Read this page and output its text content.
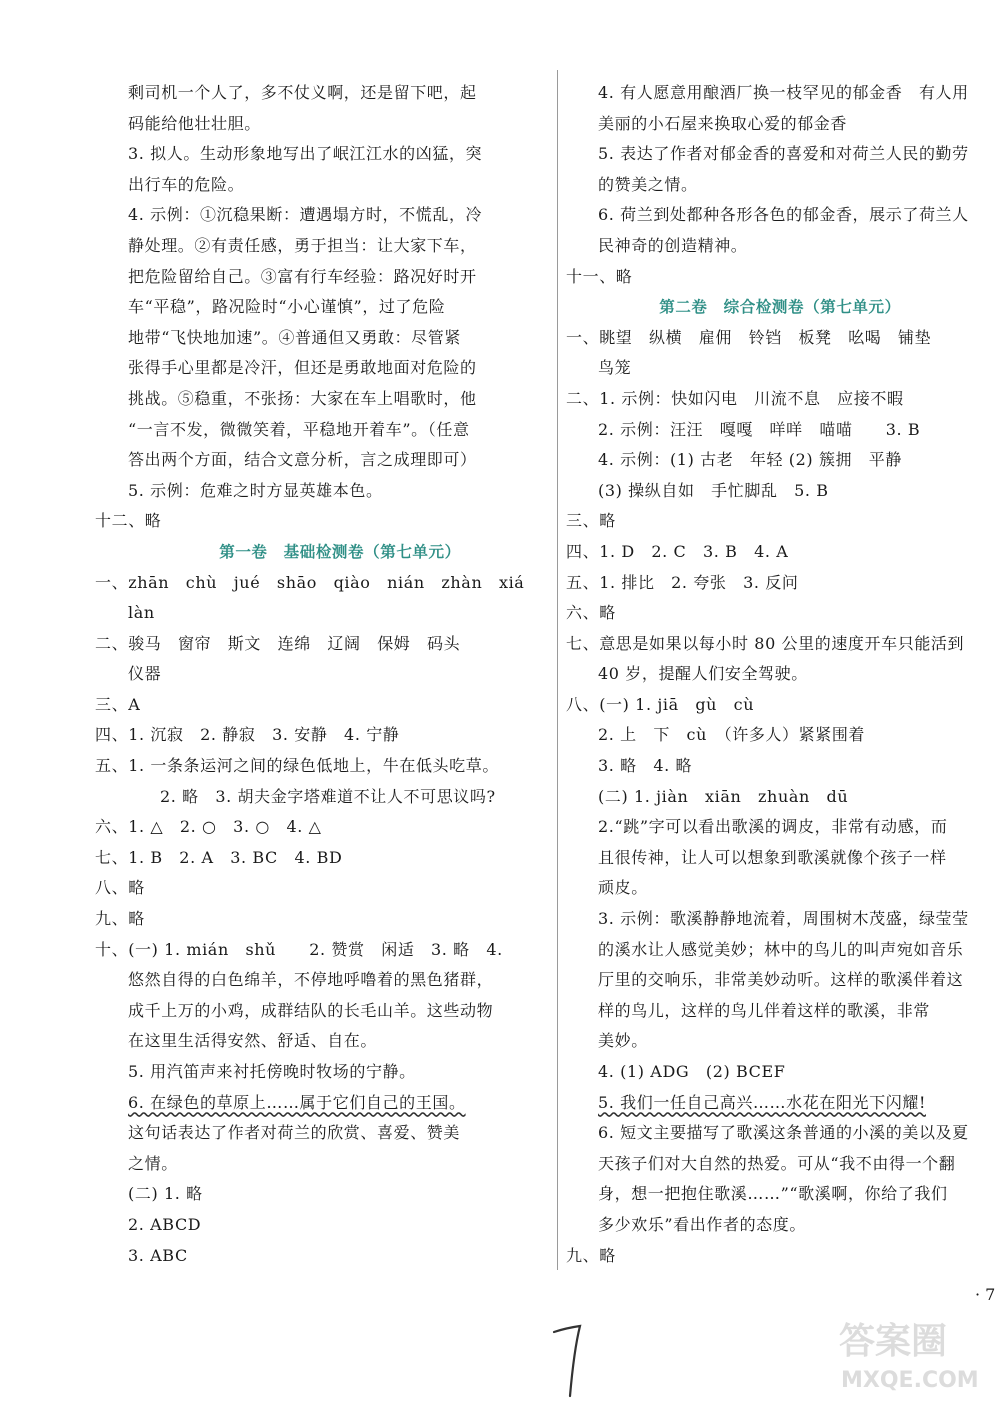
剩司机一个人了，多不仗义啊，还是留下吧，起
码能给他壮壮胆。
3. 拟人。生动形象地写出了岷江江水的凶猛，突
出行车的危险。
4. 示例：①沉稳果断：遭遇塌方时，不慌乱，冷
静处理。②有责任感，勇于担当：让大家下车，
把危险留给自己。③富有行车经验：路况好时开
车“平稳”，路况险时“小心谨慎”，过了危险
地带“飞快地加速”。④普通但又勇敢：尽管紧
张得手心里都是冷汗，但还是勇敢地面对危险的
挑战。⑤稳重，不张扬：大家在车上唱歌时，他
“一言不发，微微笑着，平稳地开着车”。（任意
答出两个方面，结合文意分析，言之成理即可）
5. 示例：危难之时方显英雄本色。
十二、略
第一卷　基础检测卷（第七单元）
一、zhān　chù　jué　shāo　qiào　nián　zhàn　xiá
làn
二、骏马　窗帘　斯文　连绵　辽阔　保姆　码头
仪器
三、A
四、1. 沉寂　2. 静寂　3. 安静　4. 宁静
五、1. 一条条运河之间的绿色低地上，牛在低头吃草。
2. 略　3. 胡夫金字塔难道不让人不可思议吗?
六、1. △　2. ○　3. ○　4. △
七、1. B　2. A　3. BC　4. BD
八、略
九、略
十、(一) 1. mián　shǔ　　2. 赞赏　闲适　3. 略　4.
悠然自得的白色绵羊，不停地呼噜着的黑色猪群，
成千上万的小鸡，成群结队的长毛山羊。这些动物
在这里生活得安然、舒适、自在。
5. 用汽笛声来衬托傍晚时牧场的宁静。
6. 在绿色的草原上……属于它们自己的王国。
这句话表达了作者对荷兰的欣赏、喜爱、赞美
之情。
(二) 1. 略
2. ABCD
3. ABC
4. 有人愿意用酿酒厂换一枝罕见的郁金香　有人用
美丽的小石屋来换取心爱的郁金香
5. 表达了作者对郁金香的喜爱和对荷兰人民的勤劳
的赞美之情。
6. 荷兰到处都种各形各色的郁金香，展示了荷兰人
民神奇的创造精神。
十一、略
第二卷　综合检测卷（第七单元）
一、眺望　纵横　雇佣　铃铛　板凳　吆喝　铺垫
鸟笼
二、1. 示例：快如闪电　川流不息　应接不暇
2. 示例：汪汪　嘎嘎　咩咩　喵喵　　3. B
4. 示例：(1) 古老　年轻 (2) 簇拥　平静
(3) 操纵自如　手忙脚乱　5. B
三、略
四、1. D　2. C　3. B　4. A
五、1. 排比　2. 夸张　3. 反问
六、略
七、意思是如果以每小时 80 公里的速度开车只能活到
40 岁，提醒人们安全驾驶。
八、(一) 1. jiā　gù　cù
2. 上　下　cù　（许多人）紧紧围着
3. 略　4. 略
(二) 1. jiàn　xiān　zhuàn　dū
2.“跳”字可以看出歌溪的调皮，非常有动感，而
且很传神，让人可以想象到歌溪就像个孩子一样
顽皮。
3. 示例：歌溪静静地流着，周围树木茂盛，绿莹莹
的溪水让人感觉美妙；林中的鸟儿的叫声宛如音乐
厅里的交响乐，非常美妙动听。这样的歌溪伴着这
样的鸟儿，这样的鸟儿伴着这样的歌溪，非常
美妙。
4. (1) ADG　(2) BCEF
5. 我们一任自己高兴……水花在阳光下闪耀!
6. 短文主要描写了歌溪这条普通的小溪的美以及夏
天孩子们对大自然的热爱。可从“我不由得一个翻
身，想一把抱住歌溪……”“歌溪啊，你给了我们
多少欢乐”看出作者的态度。
九、略
· 7
答案圈
MXQE.COM
